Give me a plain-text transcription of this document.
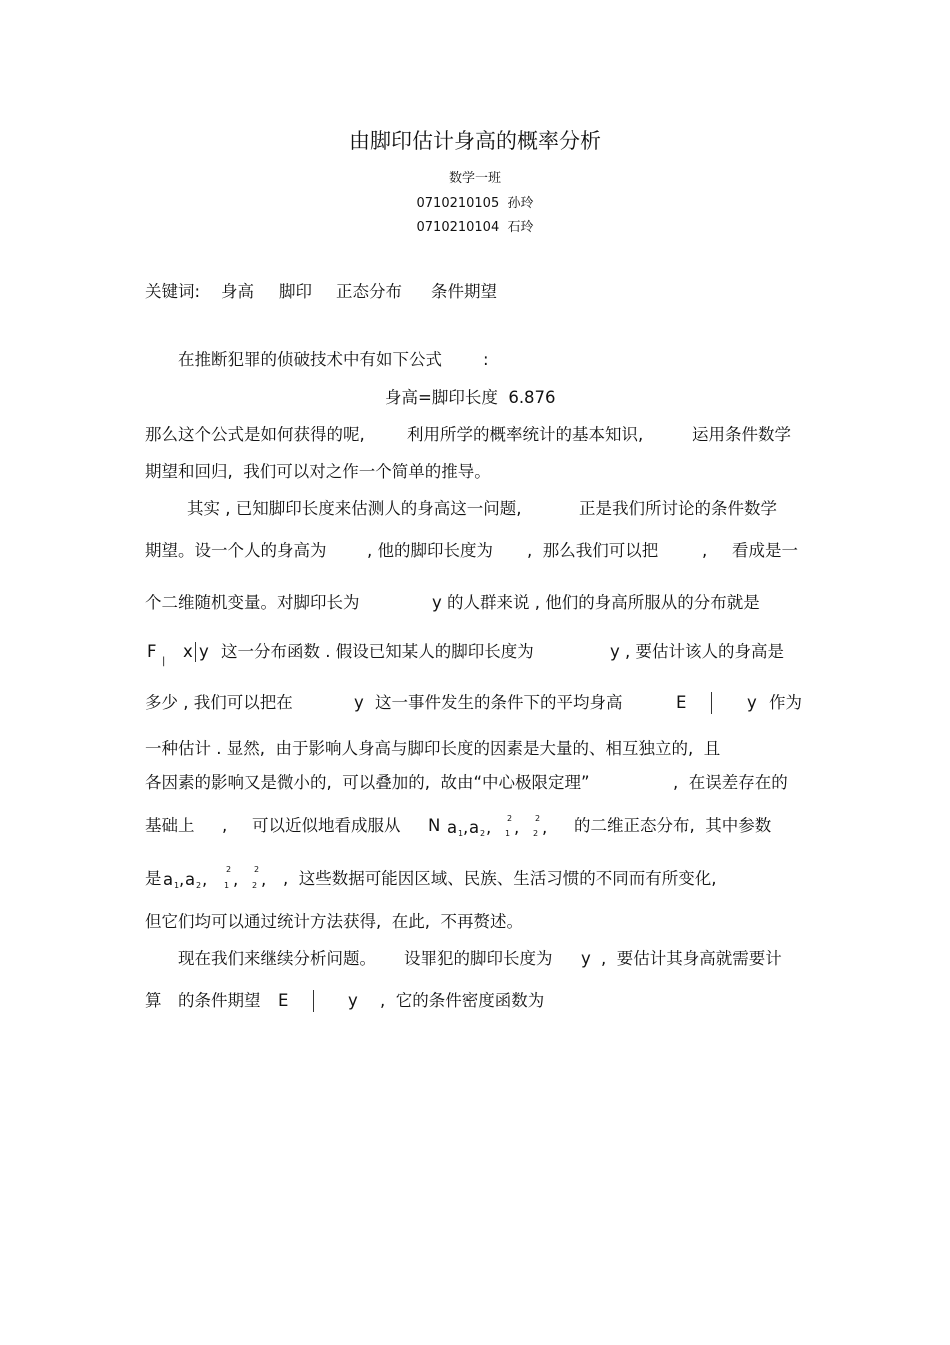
由脚印估计身高的概率分析
数学一班
0710210105  孙玲
0710210104  石玲
关键词: 身高 脚印 正态分布 条件期望
在推断犯罪的侦破技术中有如下公式 :
身高=脚印长度  6.876
那么这个公式是如何获得的呢,	利用所学的概率统计的基本知识,	运用条件数学
期望和回归,  我们可以对之作一个简单的推导。
其实 , 已知脚印长度来估测人的身高这一问题,	正是我们所讨论的条件数学
期望。设一个人的身高为 , 他的脚印长度为 ,  那么我们可以把	, 看成是一
个二维随机变量。对脚印长为	y 的人群来说 , 他们的身高所服从的分布就是
F
|
x y 这一分布函数 . 假设已知某人的脚印长度为	y , 要估计该人的身高是
多少 , 我们可以把在	y 这一事件发生的条件下的平均身高	E	y 作为
一种估计 . 显然,  由于影响人身高与脚印长度的因素是大量的、相互独立的,  且
各因素的影响又是微小的,  可以叠加的,  故由“中心极限定理”	,  在误差存在的
基础上 , 可以近似地看成服从 N a 1 , a 2 , 2
1 , 2
2 , 的二维正态分布,  其中参数
是 a 1 , a 2 ,
2
1 ,
2
2 , ,  这些数据可能因区域、民族、生活习惯的不同而有所变化,
但它们均可以通过统计方法获得,  在此,  不再赘述。
现在我们来继续分析问题。 设罪犯的脚印长度为 y ,  要估计其身高就需要计
算 的条件期望 E	y ,  它的条件密度函数为
